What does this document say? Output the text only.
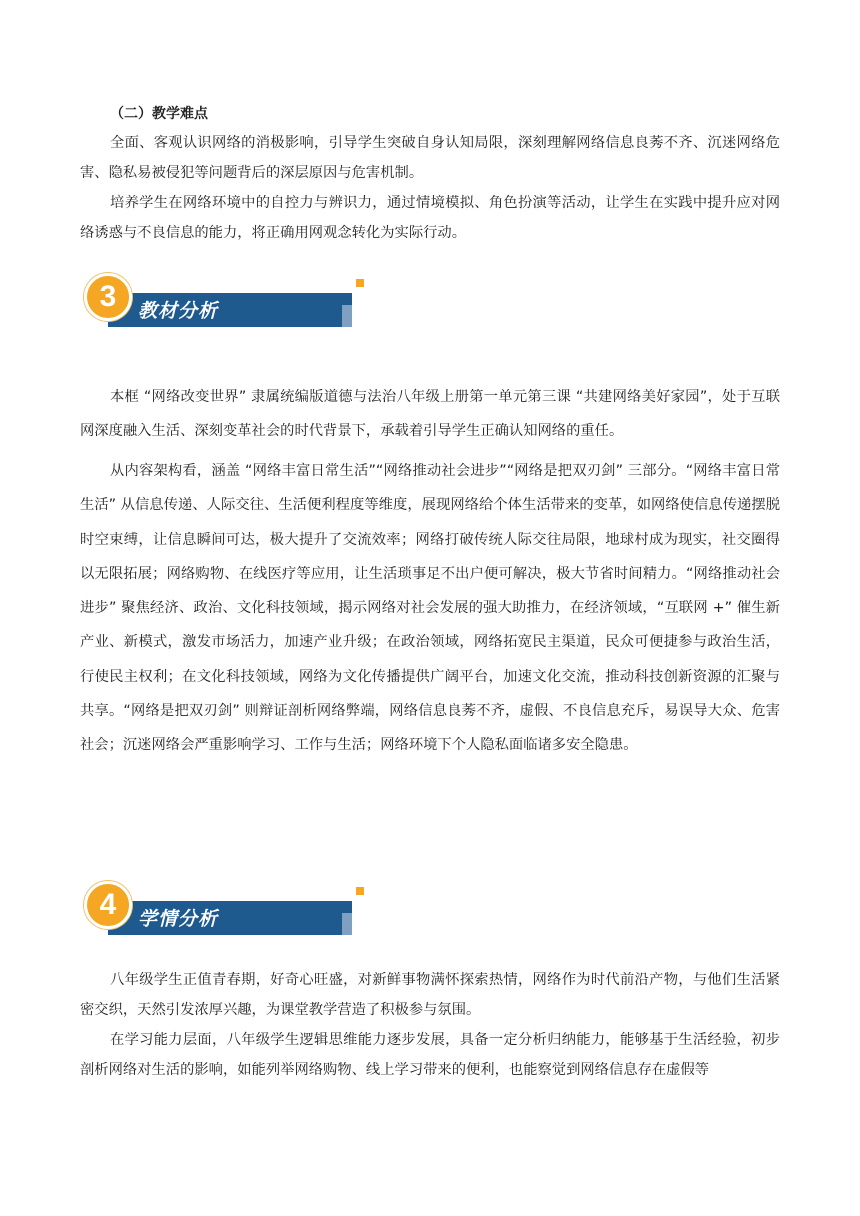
（二）教学难点

全面、客观认识网络的消极影响，引导学生突破自身认知局限，深刻理解网络信息良莠不齐、沉迷网络危害、隐私易被侵犯等问题背后的深层原因与危害机制。

培养学生在网络环境中的自控力与辨识力，通过情境模拟、角色扮演等活动，让学生在实践中提升应对网络诱惑与不良信息的能力，将正确用网观念转化为实际行动。

教材分析
3

本框 “网络改变世界” 隶属统编版道德与法治八年级上册第一单元第三课 “共建网络美好家园”，处于互联网深度融入生活、深刻变革社会的时代背景下，承载着引导学生正确认知网络的重任。

从内容架构看，涵盖 “网络丰富日常生活”“网络推动社会进步”“网络是把双刃剑” 三部分。“网络丰富日常生活” 从信息传递、人际交往、生活便利程度等维度，展现网络给个体生活带来的变革，如网络使信息传递摆脱时空束缚，让信息瞬间可达，极大提升了交流效率；网络打破传统人际交往局限，地球村成为现实，社交圈得以无限拓展；网络购物、在线医疗等应用，让生活琐事足不出户便可解决，极大节省时间精力。“网络推动社会进步” 聚焦经济、政治、文化科技领域，揭示网络对社会发展的强大助推力，在经济领域，“互联网 +” 催生新产业、新模式，激发市场活力，加速产业升级；在政治领域，网络拓宽民主渠道，民众可便捷参与政治生活，行使民主权利；在文化科技领域，网络为文化传播提供广阔平台，加速文化交流，推动科技创新资源的汇聚与共享。“网络是把双刃剑” 则辩证剖析网络弊端，网络信息良莠不齐，虚假、不良信息充斥，易误导大众、危害社会；沉迷网络会严重影响学习、工作与生活；网络环境下个人隐私面临诸多安全隐患。

学情分析
4

八年级学生正值青春期，好奇心旺盛，对新鲜事物满怀探索热情，网络作为时代前沿产物，与他们生活紧密交织，天然引发浓厚兴趣，为课堂教学营造了积极参与氛围。

在学习能力层面，八年级学生逻辑思维能力逐步发展，具备一定分析归纳能力，能够基于生活经验，初步剖析网络对生活的影响，如能列举网络购物、线上学习带来的便利，也能察觉到网络信息存在虚假等
